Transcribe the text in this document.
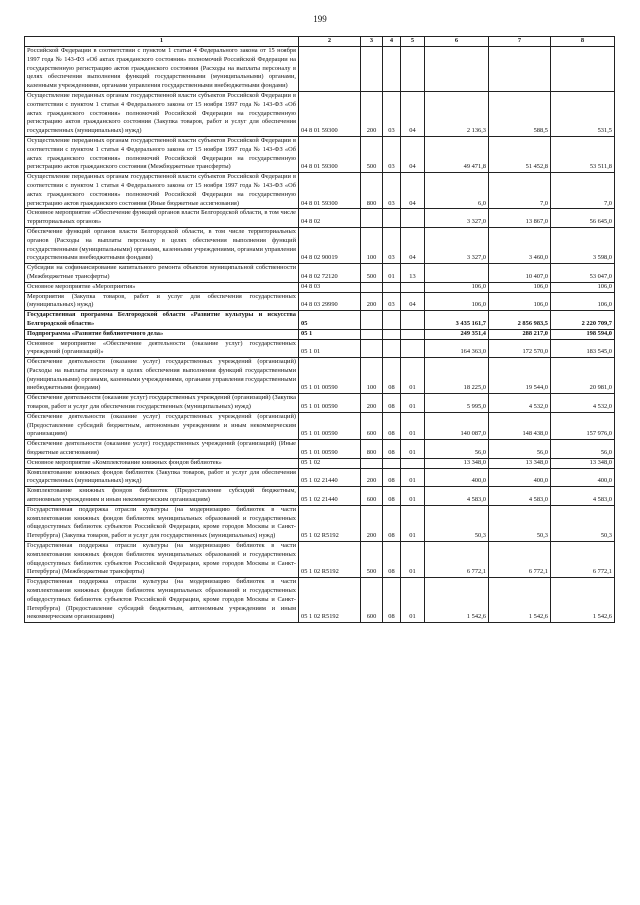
199
1	2	3	4	5	6	7	8
Российской Федерации в соответствии с пунктом 1 статьи 4 Федерального закона от 15 ноября 1997 года № 143-ФЗ «Об актах гражданского состояния» полномочий Российской Федерации на государственную регистрацию актов гражданского состояния (Расходы на выплаты персоналу в целях обеспечения выполнения функций государственными (муниципальными) органами, казенными учреждениями, органами управления государственными внебюджетными фондами)							
Осуществление переданных органам государственной власти субъектов Российской Федерации в соответствии с пунктом 1 статьи 4 Федерального закона от 15 ноября 1997 года № 143-ФЗ «Об актах гражданского состояния» полномочий Российской Федерации на государственную регистрацию актов гражданского состояния (Закупка товаров, работ и услуг для обеспечения государственных (муниципальных) нужд)	04 8 01 59300	200	03	04	2 136,3	588,5	531,5
Осуществление переданных органам государственной власти субъектов Российской Федерации в соответствии с пунктом 1 статьи 4 Федерального закона от 15 ноября 1997 года № 143-ФЗ «Об актах гражданского состояния» полномочий Российской Федерации на государственную регистрацию актов гражданского состояния (Межбюджетные трансферты)	04 8 01 59300	500	03	04	49 471,8	51 452,8	53 511,8
Осуществление переданных органам государственной власти субъектов Российской Федерации в соответствии с пунктом 1 статьи 4 Федерального закона от 15 ноября 1997 года № 143-ФЗ «Об актах гражданского состояния» полномочий Российской Федерации на государственную регистрацию актов гражданского состояния (Иные бюджетные ассигнования)	04 8 01 59300	800	03	04	6,0	7,0	7,0
Основное мероприятие «Обеспечение функций органов власти Белгородской области, в том числе территориальных органов»	04 8 02				3 327,0	13 867,0	56 645,0
Обеспечение функций органов власти Белгородской области, в том числе территориальных органов (Расходы на выплаты персоналу в целях обеспечения выполнения функций государственными (муниципальными) органами, казенными учреждениями, органами управления государственными внебюджетными фондами)	04 8 02 90019	100	03	04	3 327,0	3 460,0	3 598,0
Субсидии на софинансирование капитального ремонта объектов муниципальной собственности (Межбюджетные трансферты)	04 8 02 72120	500	01	13		10 407,0	53 047,0
Основное мероприятие «Мероприятия»	04 8 03				106,0	106,0	106,0
Мероприятия (Закупка товаров, работ и услуг для обеспечения государственных (муниципальных) нужд)	04 8 03 29990	200	03	04	106,0	106,0	106,0
Государственная программа Белгородской области «Развитие культуры и искусства Белгородской области»	05				3 435 161,7	2 856 983,5	2 220 709,7
Подпрограмма «Развитие библиотечного дела»	05 1				249 351,4	288 217,0	198 594,0
Основное мероприятие «Обеспечение деятельности (оказание услуг) государственных учреждений (организаций)»	05 1 01				164 363,0	172 570,0	183 545,0
Обеспечение деятельности (оказание услуг) государственных учреждений (организаций) (Расходы на выплаты персоналу в целях обеспечения выполнения функций государственными (муниципальными) органами, казенными учреждениями, органами управления государственными внебюджетными фондами)	05 1 01 00590	100	08	01	18 225,0	19 544,0	20 981,0
Обеспечение деятельности (оказание услуг) государственных учреждений (организаций) (Закупка товаров, работ и услуг для обеспечения государственных (муниципальных) нужд)	05 1 01 00590	200	08	01	5 995,0	4 532,0	4 532,0
Обеспечение деятельности (оказание услуг) государственных учреждений (организаций) (Предоставление субсидий бюджетным, автономным учреждениям и иным некоммерческим организациям)	05 1 01 00590	600	08	01	140 087,0	148 438,0	157 976,0
Обеспечение деятельности (оказание услуг) государственных учреждений (организаций) (Иные бюджетные ассигнования)	05 1 01 00590	800	08	01	56,0	56,0	56,0
Основное мероприятие «Комплектование книжных фондов библиотек»	05 1 02				13 348,0	13 348,0	13 348,0
Комплектование книжных фондов библиотек (Закупка товаров, работ и услуг для обеспечения государственных (муниципальных) нужд)	05 1 02 21440	200	08	01	400,0	400,0	400,0
Комплектование книжных фондов библиотек (Предоставление субсидий бюджетным, автономным учреждениям и иным некоммерческим организациям)	05 1 02 21440	600	08	01	4 583,0	4 583,0	4 583,0
Государственная поддержка отрасли культуры (на модернизацию библиотек в части комплектования книжных фондов библиотек муниципальных образований и государственных общедоступных библиотек субъектов Российской Федерации, кроме городов Москвы и Санкт-Петербурга) (Закупка товаров, работ и услуг для государственных (муниципальных) нужд)	05 1 02 R5192	200	08	01	50,3	50,3	50,3
Государственная поддержка отрасли культуры (на модернизацию библиотек в части комплектования книжных фондов библиотек муниципальных образований и государственных общедоступных библиотек субъектов Российской Федерации, кроме городов Москвы и Санкт-Петербурга) (Межбюджетные трансферты)	05 1 02 R5192	500	08	01	6 772,1	6 772,1	6 772,1
Государственная поддержка отрасли культуры (на модернизацию библиотек в части комплектования книжных фондов библиотек муниципальных образований и государственных общедоступных библиотек субъектов Российской Федерации, кроме городов Москвы и Санкт-Петербурга) (Предоставление субсидий бюджетным, автономным учреждениям и иным некоммерческим организациям)	05 1 02 R5192	600	08	01	1 542,6	1 542,6	1 542,6
